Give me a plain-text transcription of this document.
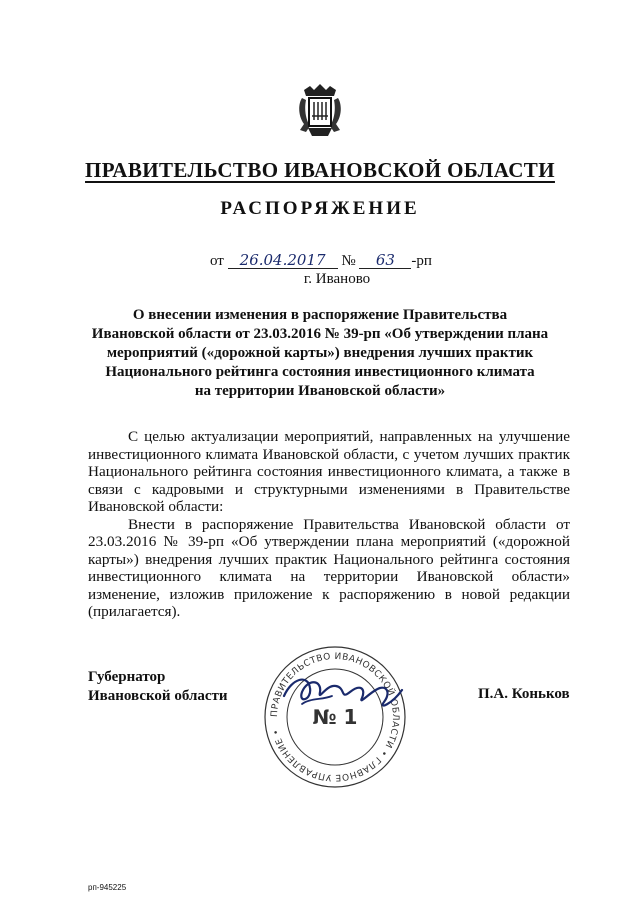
ПРАВИТЕЛЬСТВО ИВАНОВСКОЙ ОБЛАСТИ
РАСПОРЯЖЕНИЕ
от 26.04.2017 № 63 -рп
г. Иваново
О внесении изменения в распоряжение Правительства
Ивановской области от 23.03.2016 № 39-рп «Об утверждении плана
мероприятий («дорожной карты») внедрения лучших практик
Национального рейтинга состояния инвестиционного климата
на территории Ивановской области»

С целью актуализации мероприятий, направленных на улучшение инвестиционного климата Ивановской области, с учетом лучших практик Национального рейтинга состояния инвестиционного климата, а также в связи с кадровыми и структурными изменениями в Правительстве Ивановской области:

Внести в распоряжение Правительства Ивановской области от 23.03.2016 № 39-рп «Об утверждении плана мероприятий («дорожной карты») внедрения лучших практик Национального рейтинга состояния инвестиционного климата на территории Ивановской области» изменение, изложив приложение к распоряжению в новой редакции (прилагается).

Губернатор
Ивановской области
ПРАВИТЕЛЬСТВО ИВАНОВСКОЙ ОБЛАСТИ • ГЛАВНОЕ УПРАВЛЕНИЕ •
№ 1
П.А. Коньков
рп-945225
